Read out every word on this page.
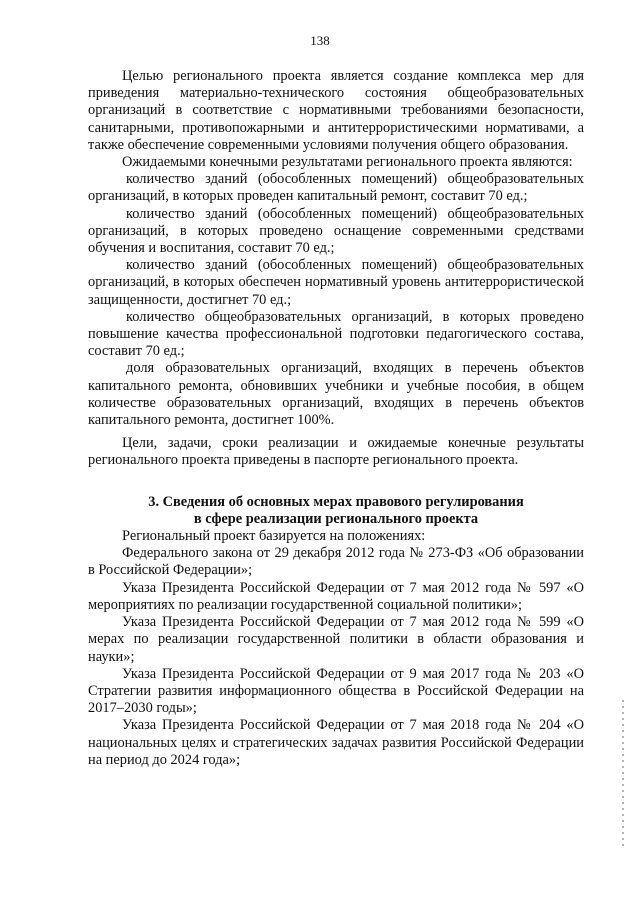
138

Целью регионального проекта является создание комплекса мер для приведения материально-технического состояния общеобразовательных организаций в соответствие с нормативными требованиями безопасности, санитарными, противопожарными и антитеррористическими нормативами, а также обеспечение современными условиями получения общего образования.

Ожидаемыми конечными результатами регионального проекта являются:

количество зданий (обособленных помещений) общеобразовательных организаций, в которых проведен капитальный ремонт, составит 70 ед.;

количество зданий (обособленных помещений) общеобразовательных организаций, в которых проведено оснащение современными средствами обучения и воспитания, составит 70 ед.;

количество зданий (обособленных помещений) общеобразовательных организаций, в которых обеспечен нормативный уровень антитеррористической защищенности, достигнет 70 ед.;

количество общеобразовательных организаций, в которых проведено повышение качества профессиональной подготовки педагогического состава, составит 70 ед.;

доля образовательных организаций, входящих в перечень объектов капитального ремонта, обновивших учебники и учебные пособия, в общем количестве образовательных организаций, входящих в перечень объектов капитального ремонта, достигнет 100%.

Цели, задачи, сроки реализации и ожидаемые конечные результаты регионального проекта приведены в паспорте регионального проекта.

3. Сведения об основных мерах правового регулирования
в сфере реализации регионального проекта

Региональный проект базируется на положениях:

Федерального закона от 29 декабря 2012 года № 273-ФЗ «Об образовании в Российской Федерации»;

Указа Президента Российской Федерации от 7 мая 2012 года № 597 «О мероприятиях по реализации государственной социальной политики»;

Указа Президента Российской Федерации от 7 мая 2012 года № 599 «О мерах по реализации государственной политики в области образования и науки»;

Указа Президента Российской Федерации от 9 мая 2017 года № 203 «О Стратегии развития информационного общества в Российской Федерации на 2017–2030 годы»;

Указа Президента Российской Федерации от 7 мая 2018 года № 204 «О национальных целях и стратегических задачах развития Российской Федерации на период до 2024 года»;
